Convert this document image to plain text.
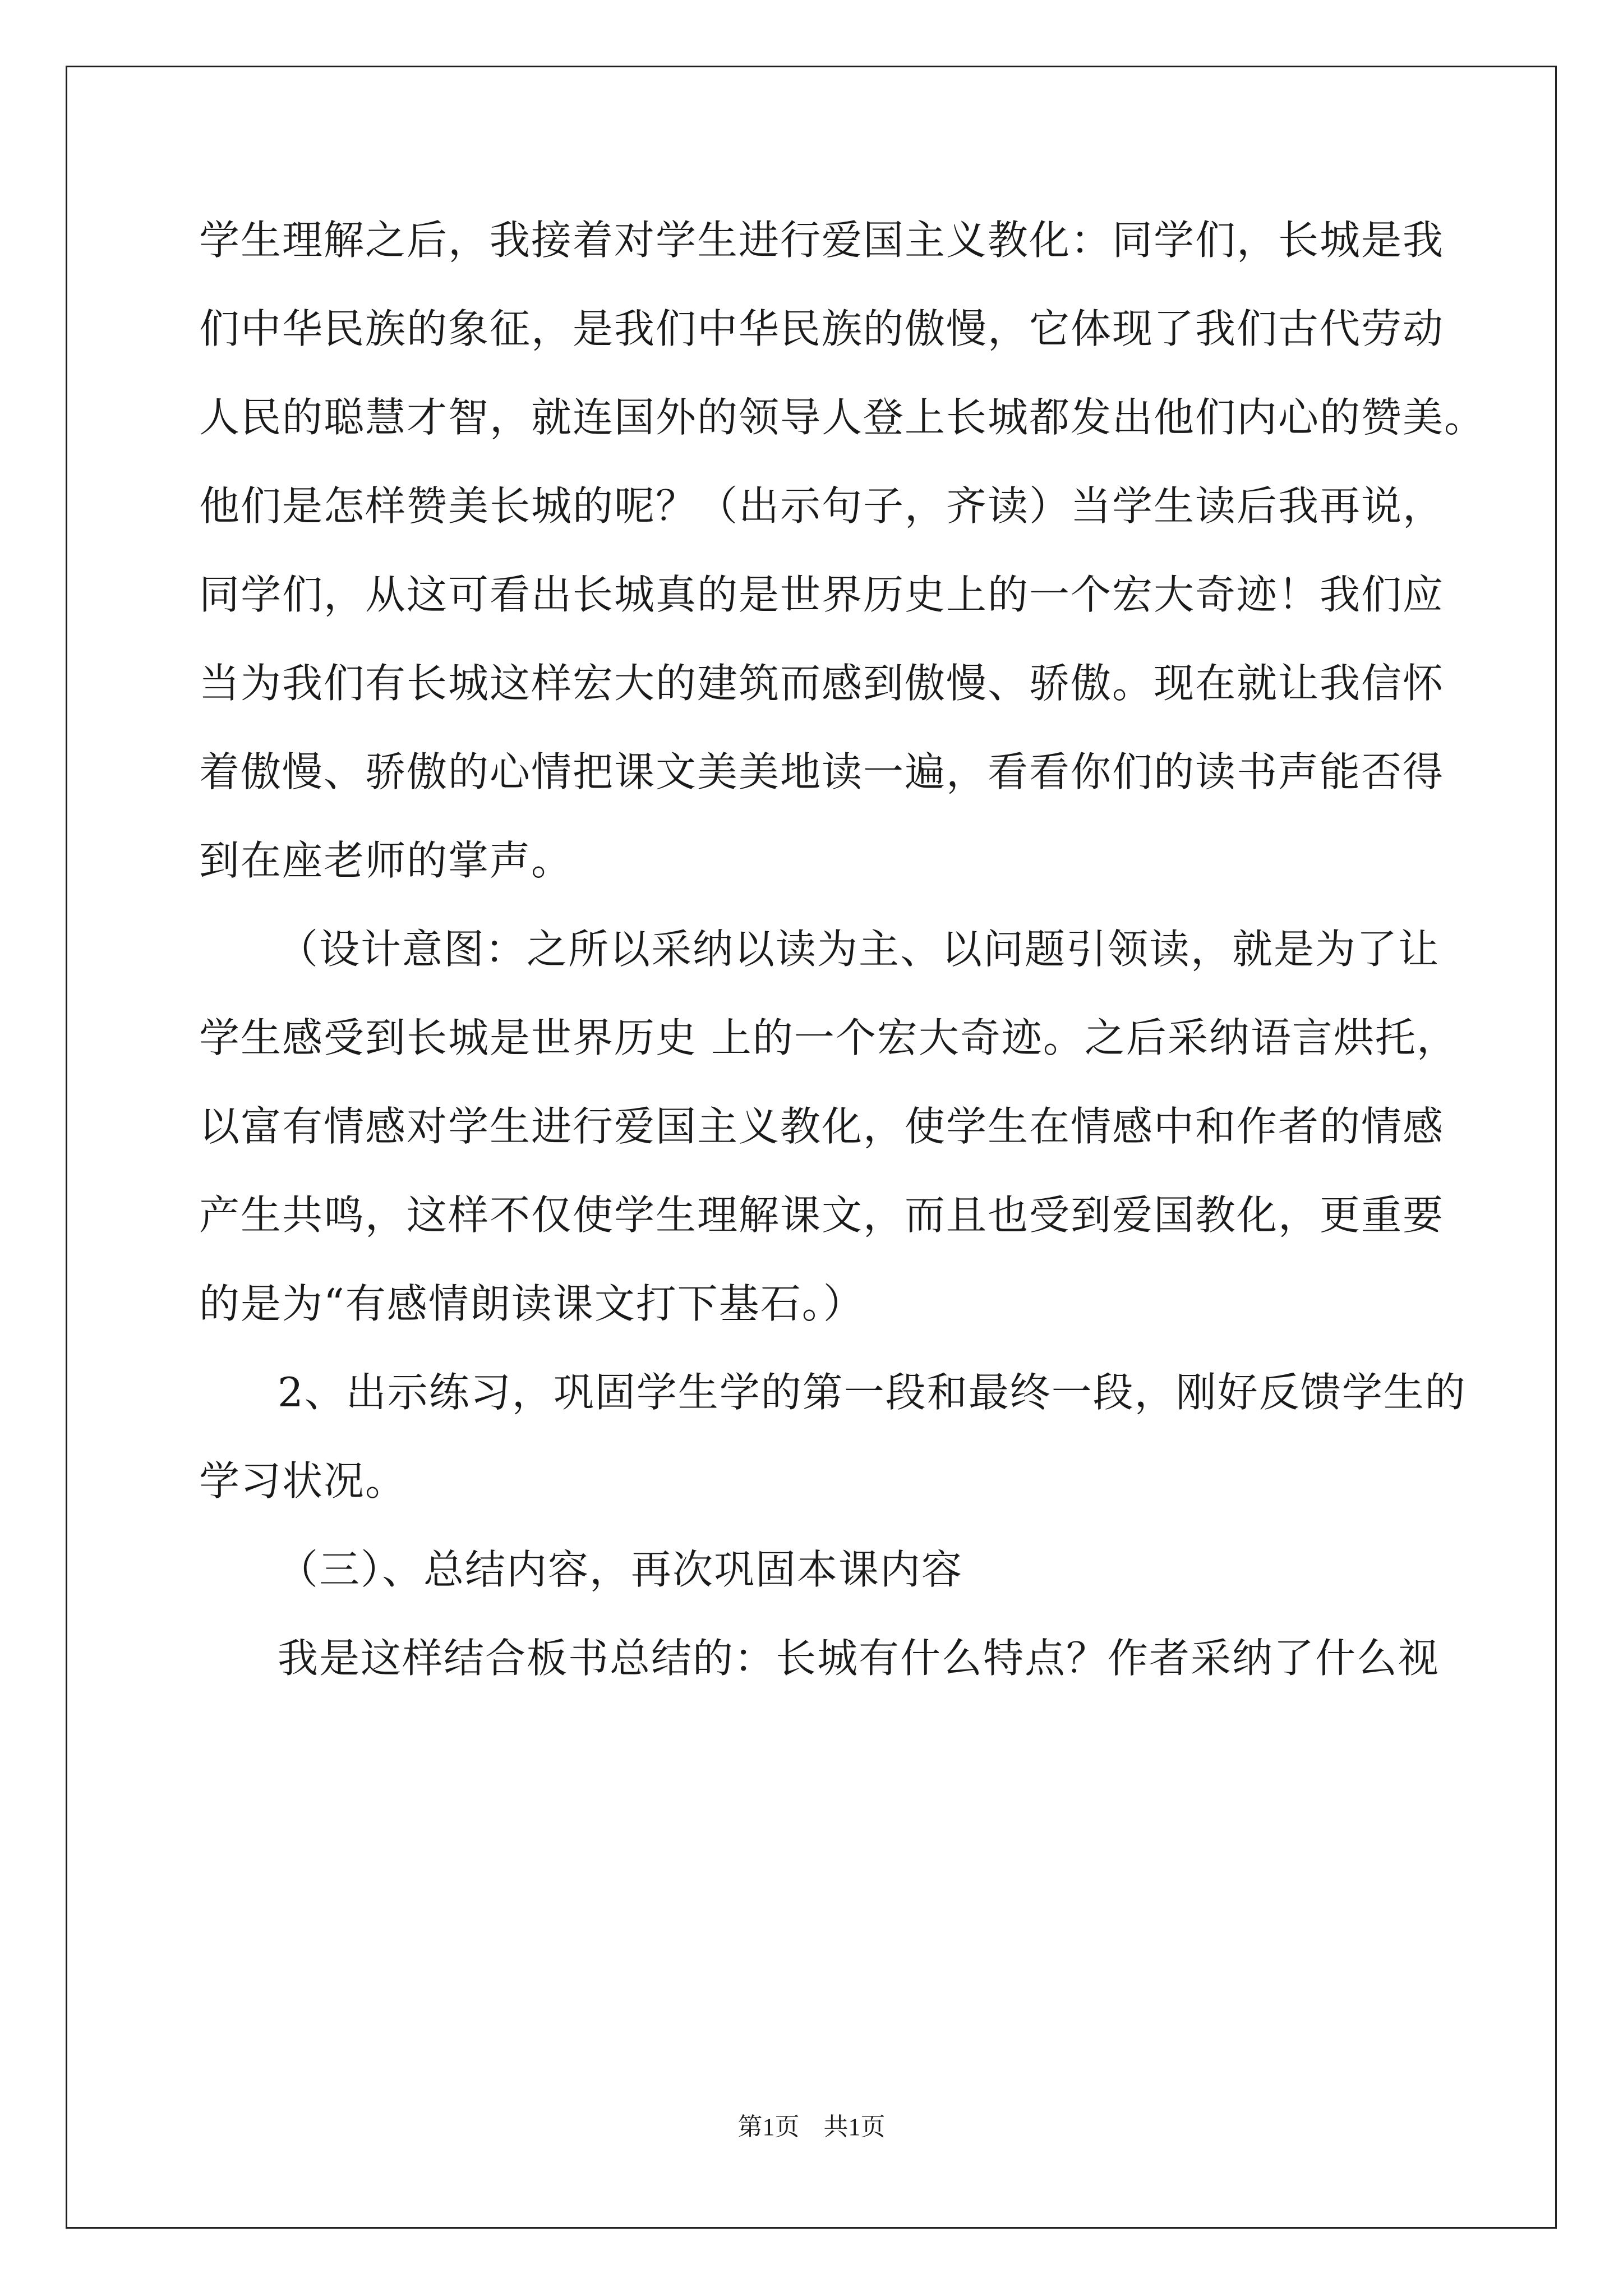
学生理解之后，我接着对学生进行爱国主义教化：同学们，长城是我
们中华民族的象征，是我们中华民族的傲慢，它体现了我们古代劳动
人民的聪慧才智，就连国外的领导人登上长城都发出他们内心的赞美。
他们是怎样赞美长城的呢？（出示句子，齐读）当学生读后我再说，
同学们，从这可看出长城真的是世界历史上的一个宏大奇迹！我们应
当为我们有长城这样宏大的建筑而感到傲慢、骄傲。现在就让我信怀
着傲慢、骄傲的心情把课文美美地读一遍，看看你们的读书声能否得
到在座老师的掌声。
（设计意图：之所以采纳以读为主、以问题引领读，就是为了让
学生感受到长城是世界历史 上的一个宏大奇迹。之后采纳语言烘托，
以富有情感对学生进行爱国主义教化，使学生在情感中和作者的情感
产生共鸣，这样不仅使学生理解课文，而且也受到爱国教化，更重要
的是为“有感情朗读课文打下基石。）
2、出示练习，巩固学生学的第一段和最终一段，刚好反馈学生的
学习状况。
（三）、总结内容，再次巩固本课内容
我是这样结合板书总结的：长城有什么特点？作者采纳了什么视
第1页 共1页
